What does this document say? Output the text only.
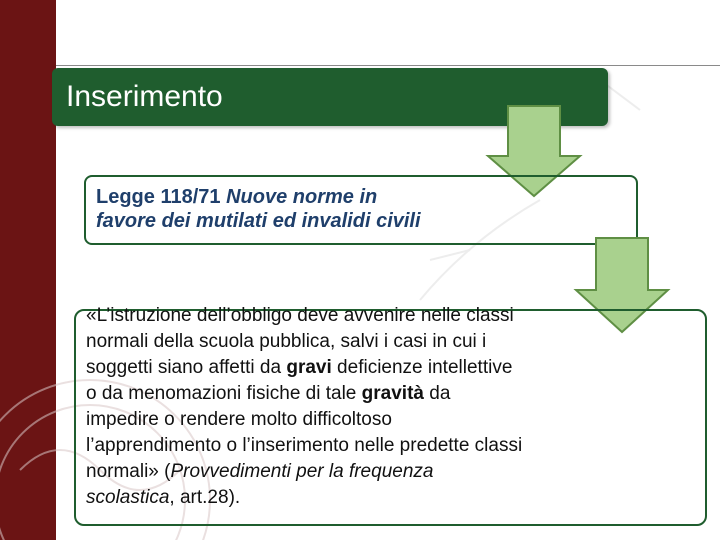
Inserimento
Legge 118/71 Nuove norme in
favore dei mutilati ed invalidi civili
«L’istruzione dell’obbligo deve avvenire nelle classi normali della scuola pubblica, salvi i casi in cui i soggetti siano affetti da gravi deficienze intellettive o da menomazioni fisiche di tale gravità da impedire o rendere molto difficoltoso l’apprendimento o l’inserimento nelle predette classi normali» (Provvedimenti per la frequenza scolastica, art.28).
